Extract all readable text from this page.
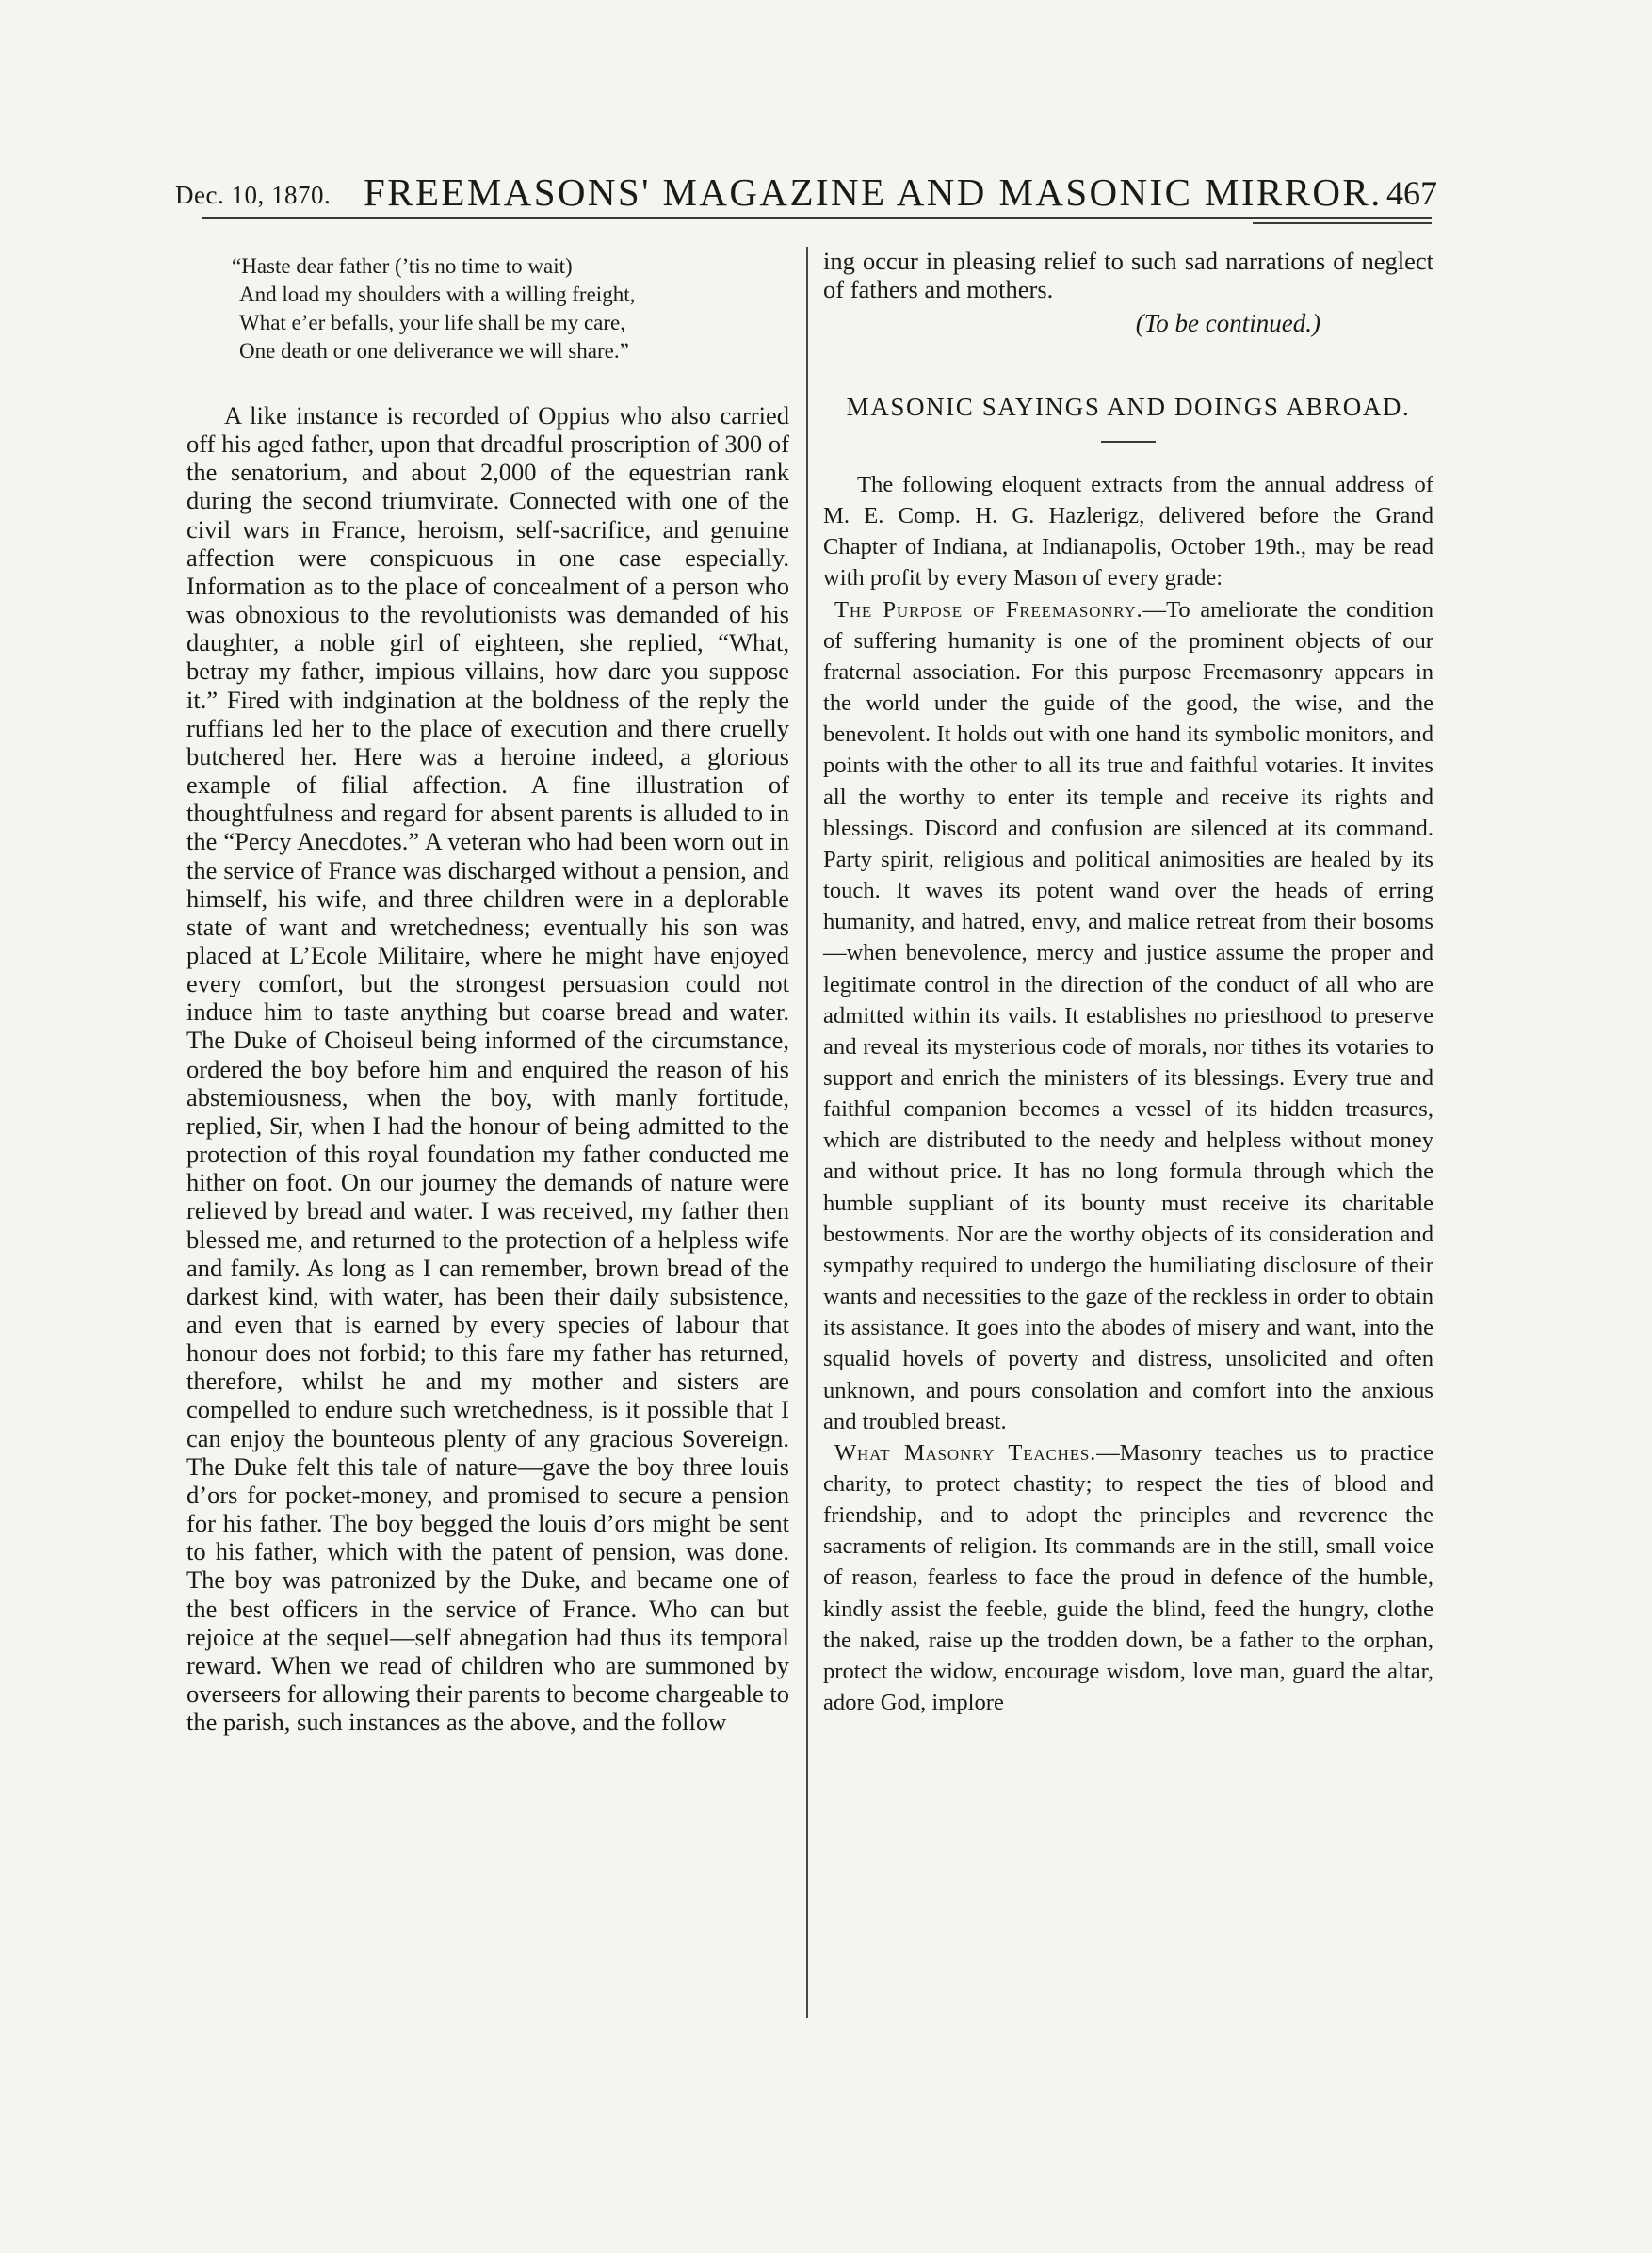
Dec. 10, 1870. FREEMASONS' MAGAZINE AND MASONIC MIRROR. 467
“Haste dear father (’tis no time to wait)
And load my shoulders with a willing freight,
What e’er befalls, your life shall be my care,
One death or one deliverance we will share.”

A like instance is recorded of Oppius who also carried off his aged father, upon that dreadful proscription of 300 of the senatorium, and about 2,000 of the equestrian rank during the second triumvirate. Connected with one of the civil wars in France, heroism, self-sacrifice, and genuine affection were conspicuous in one case especially. Information as to the place of concealment of a person who was obnoxious to the revolutionists was demanded of his daughter, a noble girl of eighteen, she replied, “What, betray my father, impious villains, how dare you suppose it.” Fired with indgination at the boldness of the reply the ruffians led her to the place of execution and there cruelly butchered her. Here was a heroine indeed, a glorious example of filial affection. A fine illustration of thoughtfulness and regard for absent parents is alluded to in the “Percy Anecdotes.” A veteran who had been worn out in the service of France was discharged without a pension, and himself, his wife, and three children were in a deplorable state of want and wretchedness; eventually his son was placed at L’Ecole Militaire, where he might have enjoyed every comfort, but the strongest persuasion could not induce him to taste anything but coarse bread and water. The Duke of Choiseul being informed of the circumstance, ordered the boy before him and enquired the reason of his abstemiousness, when the boy, with manly fortitude, replied, Sir, when I had the honour of being admitted to the protection of this royal foundation my father conducted me hither on foot. On our journey the demands of nature were relieved by bread and water. I was received, my father then blessed me, and returned to the protection of a helpless wife and family. As long as I can remember, brown bread of the darkest kind, with water, has been their daily subsistence, and even that is earned by every species of labour that honour does not forbid; to this fare my father has returned, therefore, whilst he and my mother and sisters are compelled to endure such wretchedness, is it possible that I can enjoy the bounteous plenty of any gracious Sovereign. The Duke felt this tale of nature—gave the boy three louis d’ors for pocket-money, and promised to secure a pension for his father. The boy begged the louis d’ors might be sent to his father, which with the patent of pension, was done. The boy was patronized by the Duke, and became one of the best officers in the service of France. Who can but rejoice at the sequel—self abnegation had thus its temporal reward. When we read of children who are summoned by overseers for allowing their parents to become chargeable to the parish, such instances as the above, and the follow

ing occur in pleasing relief to such sad narrations of neglect of fathers and mothers.

(To be continued.)
MASONIC SAYINGS AND DOINGS ABROAD.

The following eloquent extracts from the annual address of M. E. Comp. H. G. Hazlerigz, delivered before the Grand Chapter of Indiana, at Indianapolis, October 19th., may be read with profit by every Mason of every grade:

The Purpose of Freemasonry.—To ameliorate the condition of suffering humanity is one of the prominent objects of our fraternal association. For this purpose Freemasonry appears in the world under the guide of the good, the wise, and the benevolent. It holds out with one hand its symbolic monitors, and points with the other to all its true and faithful votaries. It invites all the worthy to enter its temple and receive its rights and blessings. Discord and confusion are silenced at its command. Party spirit, religious and political animosities are healed by its touch. It waves its potent wand over the heads of erring humanity, and hatred, envy, and malice retreat from their bosoms—when benevolence, mercy and justice assume the proper and legitimate control in the direction of the conduct of all who are admitted within its vails. It establishes no priesthood to preserve and reveal its mysterious code of morals, nor tithes its votaries to support and enrich the ministers of its blessings. Every true and faithful companion becomes a vessel of its hidden treasures, which are distributed to the needy and helpless without money and without price. It has no long formula through which the humble suppliant of its bounty must receive its charitable bestowments. Nor are the worthy objects of its consideration and sympathy required to undergo the humiliating disclosure of their wants and necessities to the gaze of the reckless in order to obtain its assistance. It goes into the abodes of misery and want, into the squalid hovels of poverty and distress, unsolicited and often unknown, and pours consolation and comfort into the anxious and troubled breast.

What Masonry Teaches.—Masonry teaches us to practice charity, to protect chastity; to respect the ties of blood and friendship, and to adopt the principles and reverence the sacraments of religion. Its commands are in the still, small voice of reason, fearless to face the proud in defence of the humble, kindly assist the feeble, guide the blind, feed the hungry, clothe the naked, raise up the trodden down, be a father to the orphan, protect the widow, encourage wisdom, love man, guard the altar, adore God, implore
